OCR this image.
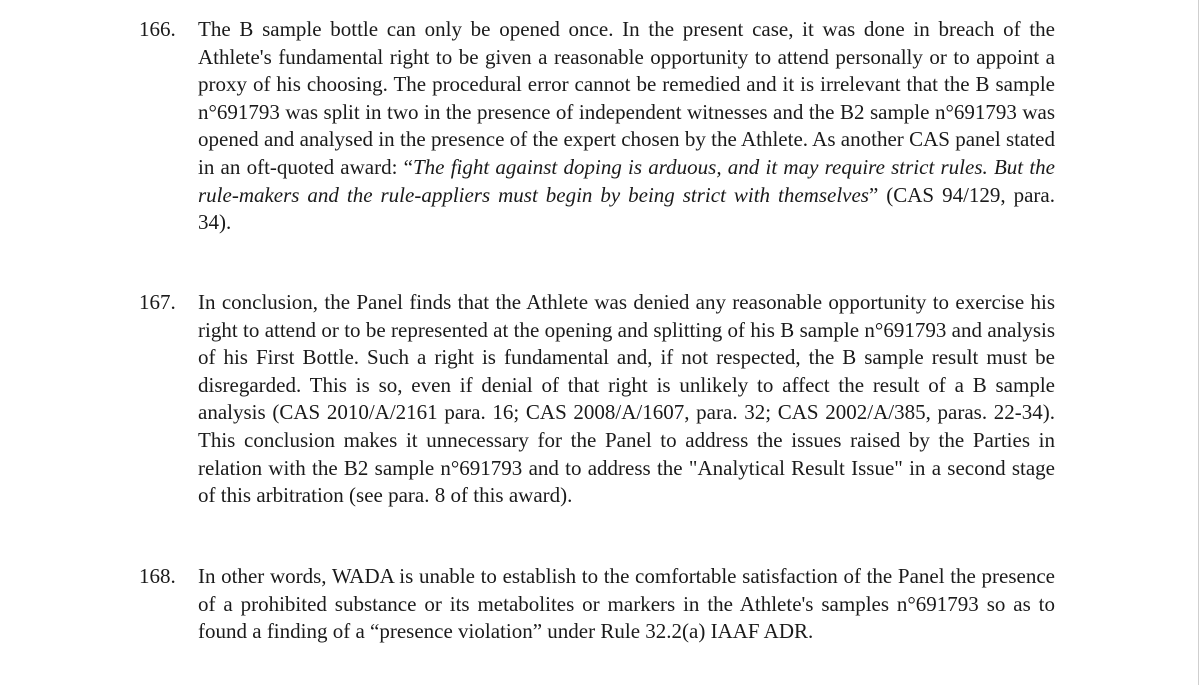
166.	The B sample bottle can only be opened once. In the present case, it was done in breach of the Athlete's fundamental right to be given a reasonable opportunity to attend personally or to appoint a proxy of his choosing. The procedural error cannot be remedied and it is irrelevant that the B sample n°691793 was split in two in the presence of independent witnesses and the B2 sample n°691793 was opened and analysed in the presence of the expert chosen by the Athlete. As another CAS panel stated in an oft-quoted award: “The fight against doping is arduous, and it may require strict rules. But the rule-makers and the rule-appliers must begin by being strict with themselves” (CAS 94/129, para. 34).
167.	In conclusion, the Panel finds that the Athlete was denied any reasonable opportunity to exercise his right to attend or to be represented at the opening and splitting of his B sample n°691793 and analysis of his First Bottle. Such a right is fundamental and, if not respected, the B sample result must be disregarded. This is so, even if denial of that right is unlikely to affect the result of a B sample analysis (CAS 2010/A/2161 para. 16; CAS 2008/A/1607, para. 32; CAS 2002/A/385, paras. 22-34). This conclusion makes it unnecessary for the Panel to address the issues raised by the Parties in relation with the B2 sample n°691793 and to address the "Analytical Result Issue" in a second stage of this arbitration (see para. 8 of this award).
168.	In other words, WADA is unable to establish to the comfortable satisfaction of the Panel the presence of a prohibited substance or its metabolites or markers in the Athlete's samples n°691793 so as to found a finding of a “presence violation” under Rule 32.2(a) IAAF ADR.
